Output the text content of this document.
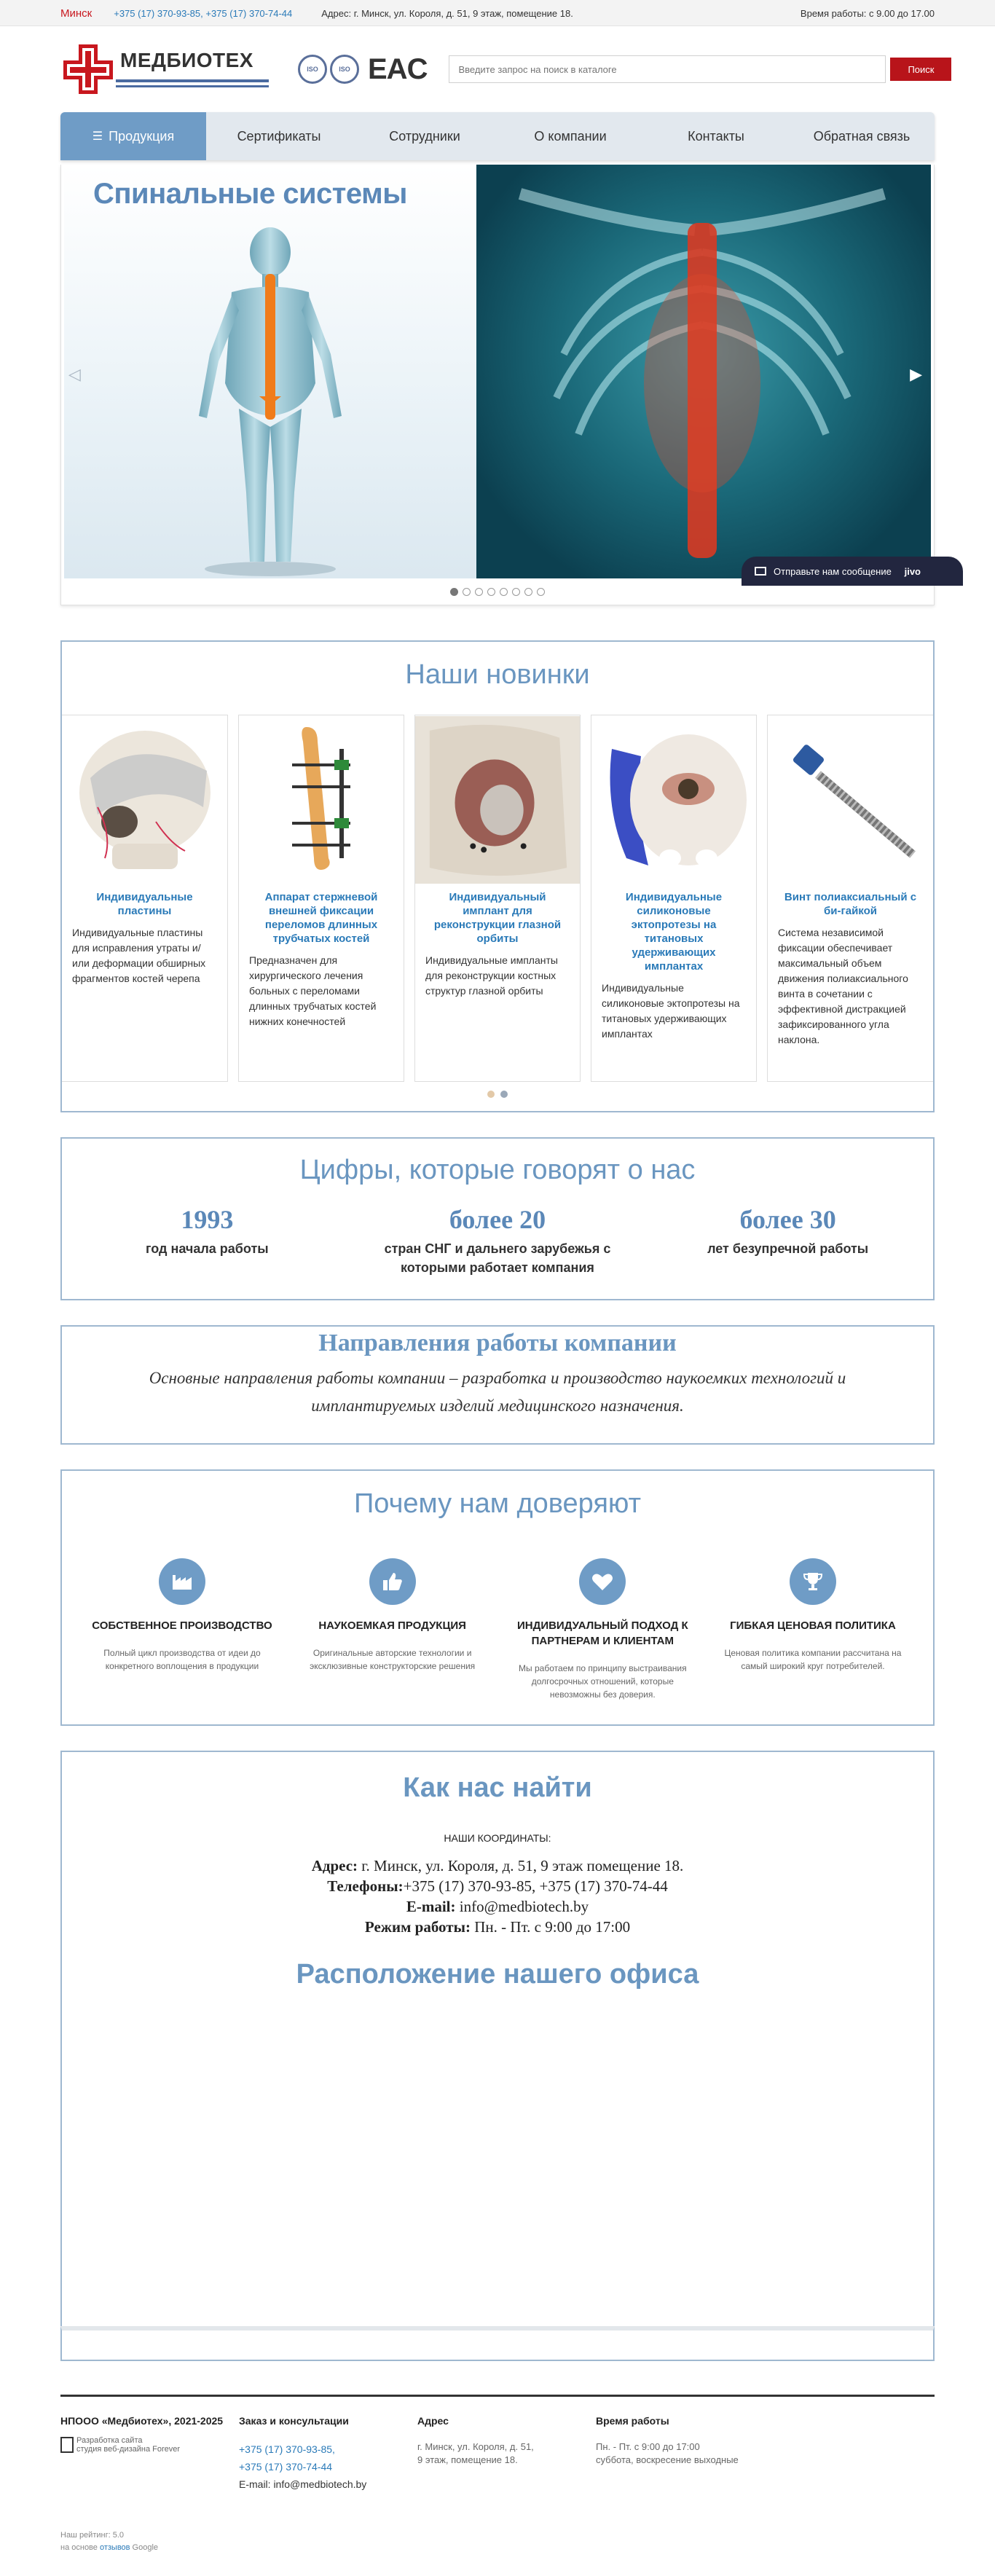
Минск +375 (17) 370-93-85, +375 (17) 370-74-44	Адрес: г. Минск, ул. Короля, д. 51, 9 этаж, помещение 18.	Время работы: с 9.00 до 17.00
МЕДБИОТЕХ	ISO	ISO EAC
Введите запрос на поиск в каталоге	Поиск
☰ Продукция	Сертификаты	Сотрудники	О компании	Контакты	Обратная связь
Спинальные системы
◁	▶
Отправьте нам сообщение jivo
Наши новинки
Индивидуальные пластины
Индивидуальные пластины для исправления утраты и/или деформации обширных фрагментов костей черепа
Аппарат стержневой внешней фиксации переломов длинных трубчатых костей
Предназначен для хирургического лечения больных с переломами длинных трубчатых костей нижних конечностей
Индивидуальный имплант для реконструкции глазной орбиты
Индивидуальные импланты для реконструкции костных структур глазной орбиты
Индивидуальные силиконовые эктопротезы на титановых удерживающих имплантах
Индивидуальные силиконовые эктопротезы на титановых удерживающих имплантах
Винт полиаксиальный с би-гайкой
Система независимой фиксации обеспечивает максимальный объем движения полиаксиального винта в сочетании с эффективной дистракцией зафиксированного угла наклона.
Цифры, которые говорят о нас
1993
год начала работы
более 20
стран СНГ и дальнего зарубежья с которыми работает компания
более 30
лет безупречной работы
Направления работы компании

Основные направления работы компании – разработка и производство наукоемких технологий и имплантируемых изделий медицинского назначения.

Почему нам доверяют
СОБСТВЕННОЕ ПРОИЗВОДСТВО
Полный цикл производства от идеи до конкретного воплощения в продукции
НАУКОЕМКАЯ ПРОДУКЦИЯ
Оригинальные авторские технологии и эксклюзивные конструкторские решения
ИНДИВИДУАЛЬНЫЙ ПОДХОД К ПАРТНЕРАМ И КЛИЕНТАМ
Мы работаем по принципу выстраивания долгосрочных отношений, которые невозможны без доверия.
ГИБКАЯ ЦЕНОВАЯ ПОЛИТИКА
Ценовая политика компании рассчитана на самый широкий круг потребителей.
Как нас найти
НАШИ КООРДИНАТЫ:
Адрес: г. Минск, ул. Короля, д. 51, 9 этаж помещение 18.
Телефоны:+375 (17) 370-93-85, +375 (17) 370-74-44
E-mail: info@medbiotech.by
Режим работы: Пн. - Пт. с 9:00 до 17:00
Расположение нашего офиса
НПООО «Медбиотех», 2021-2025
Разработка сайта
студия веб-дизайна Forever
Заказ и консультации
+375 (17) 370-93-85,
+375 (17) 370-74-44
E-mail: info@medbiotech.by
Адрес
г. Минск, ул. Короля, д. 51,
9 этаж, помещение 18.
Время работы
Пн. - Пт. с 9:00 до 17:00
суббота, воскресение выходные
Наш рейтинг: 5.0
на основе отзывов Google
